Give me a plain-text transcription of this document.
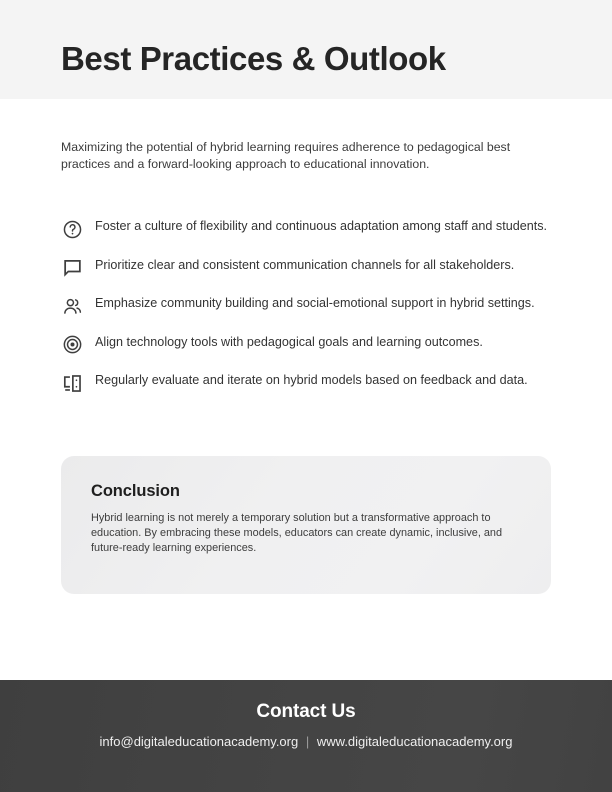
Best Practices & Outlook

Maximizing the potential of hybrid learning requires adherence to pedagogical best practices and a forward-looking approach to educational innovation.

Foster a culture of flexibility and continuous adaptation among staff and students.
Prioritize clear and consistent communication channels for all stakeholders.
Emphasize community building and social-emotional support in hybrid settings.
Align technology tools with pedagogical goals and learning outcomes.
Regularly evaluate and iterate on hybrid models based on feedback and data.
Conclusion

Hybrid learning is not merely a temporary solution but a transformative approach to education. By embracing these models, educators can create dynamic, inclusive, and future-ready learning experiences.

Contact Us
info@digitaleducationacademy.org | www.digitaleducationacademy.org
